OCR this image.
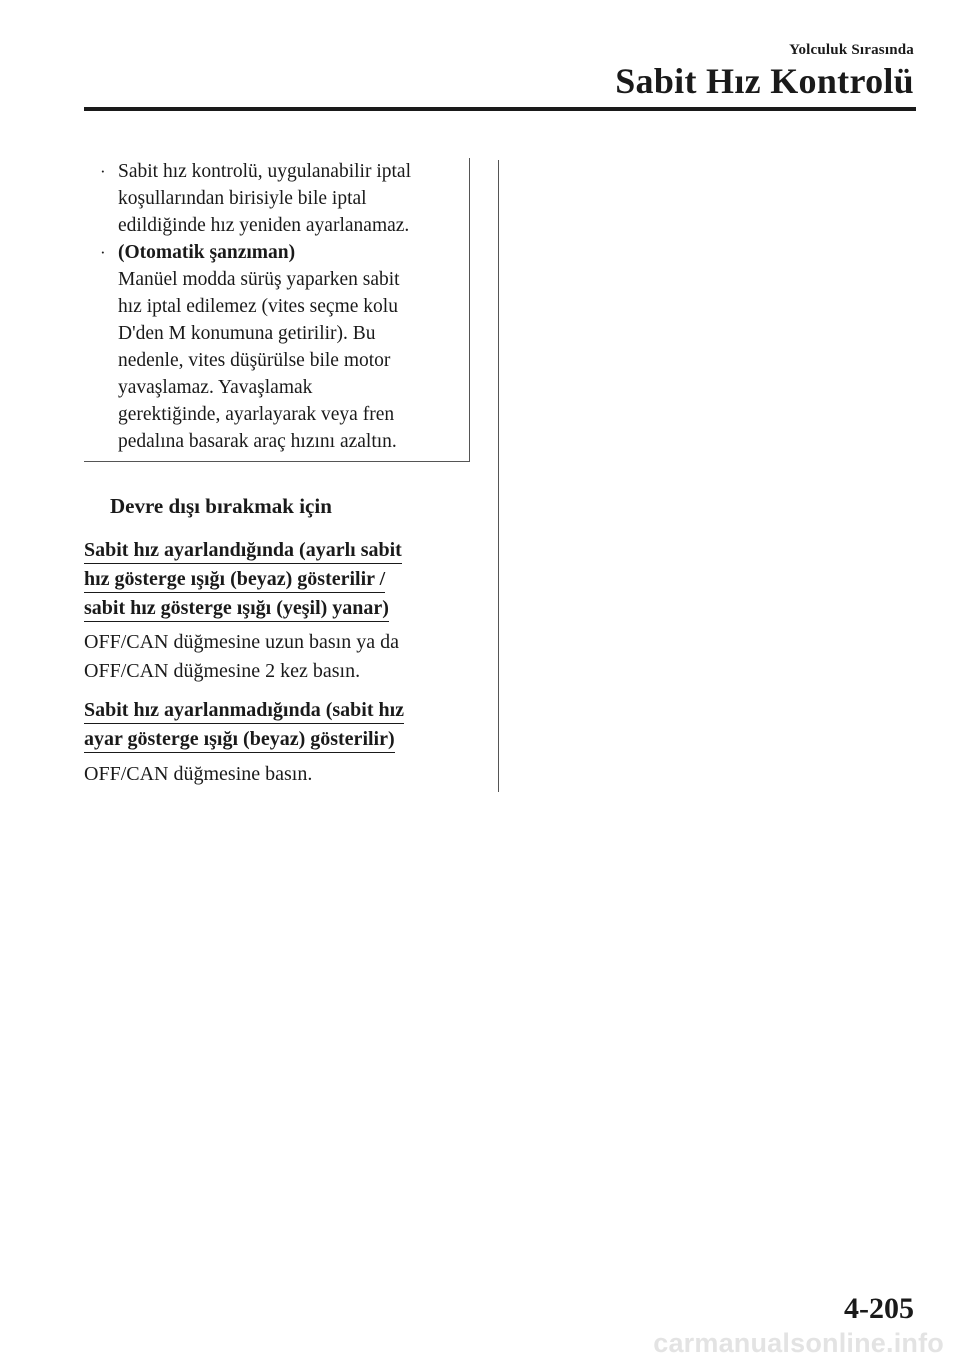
Yolculuk Sırasında
Sabit Hız Kontrolü
· Sabit hız kontrolü, uygulanabilir iptal
koşullarından birisiyle bile iptal
edildiğinde hız yeniden ayarlanamaz.
· (Otomatik şanzıman)
Manüel modda sürüş yaparken sabit
hız iptal edilemez (vites seçme kolu
D'den M konumuna getirilir). Bu
nedenle, vites düşürülse bile motor
yavaşlamaz. Yavaşlamak
gerektiğinde, ayarlayarak veya fren
pedalına basarak araç hızını azaltın.
Devre dışı bırakmak için
Sabit hız ayarlandığında (ayarlı sabit
hız gösterge ışığı (beyaz) gösterilir /
sabit hız gösterge ışığı (yeşil) yanar)
OFF/CAN düğmesine uzun basın ya da
OFF/CAN düğmesine 2 kez basın.
Sabit hız ayarlanmadığında (sabit hız
ayar gösterge ışığı (beyaz) gösterilir)
OFF/CAN düğmesine basın.
4-205
carmanualsonline.info
